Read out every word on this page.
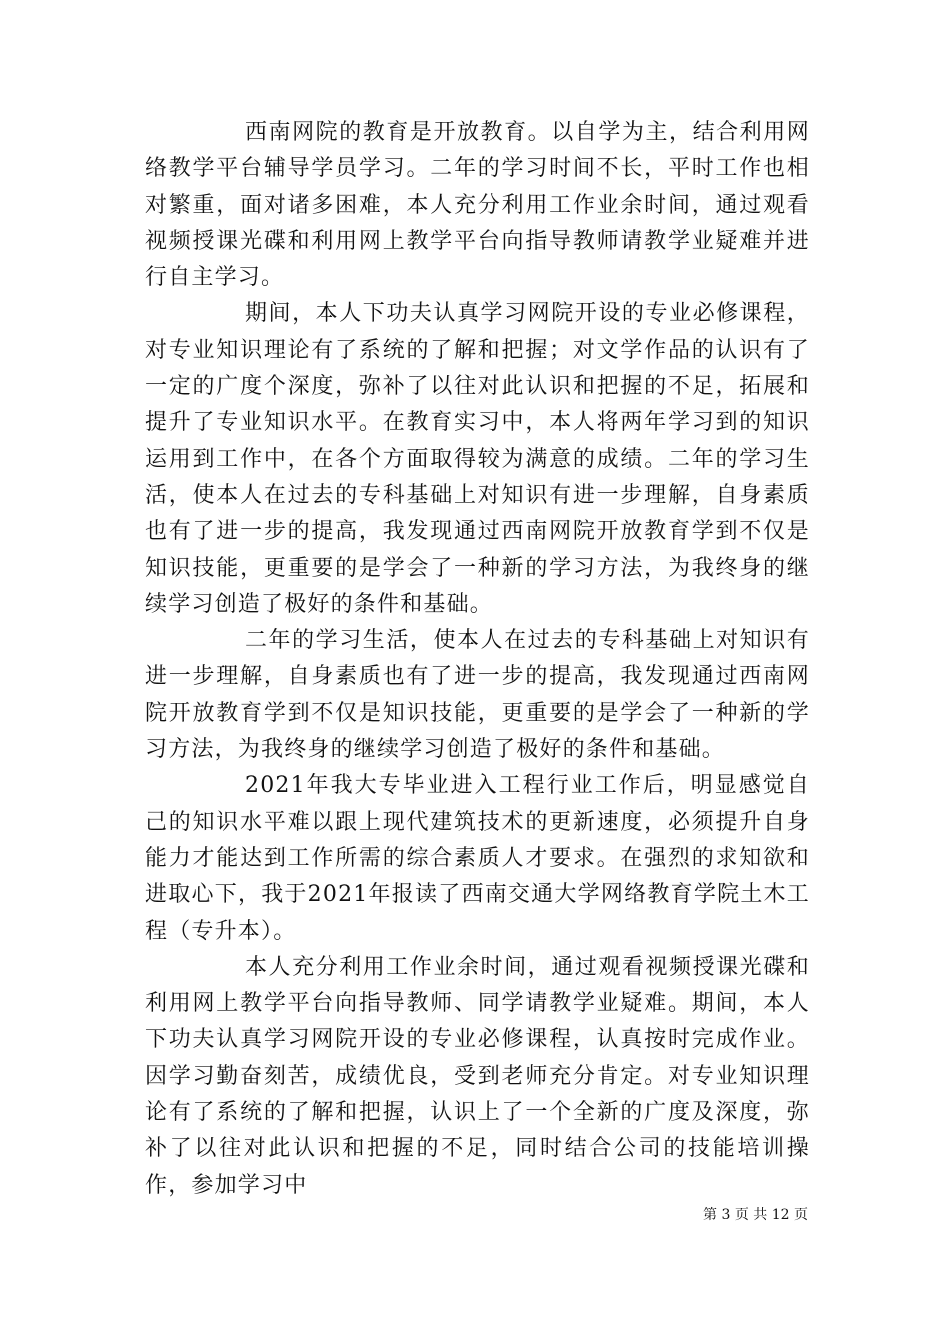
西南网院的教育是开放教育。以自学为主，结合利用网络教学平台辅导学员学习。二年的学习时间不长，平时工作也相对繁重，面对诸多困难，本人充分利用工作业余时间，通过观看视频授课光碟和利用网上教学平台向指导教师请教学业疑难并进行自主学习。

期间，本人下功夫认真学习网院开设的专业必修课程，对专业知识理论有了系统的了解和把握；对文学作品的认识有了一定的广度个深度，弥补了以往对此认识和把握的不足，拓展和提升了专业知识水平。在教育实习中，本人将两年学习到的知识运用到工作中，在各个方面取得较为满意的成绩。二年的学习生活，使本人在过去的专科基础上对知识有进一步理解，自身素质也有了进一步的提高，我发现通过西南网院开放教育学到不仅是知识技能，更重要的是学会了一种新的学习方法，为我终身的继续学习创造了极好的条件和基础。

二年的学习生活，使本人在过去的专科基础上对知识有进一步理解，自身素质也有了进一步的提高，我发现通过西南网院开放教育学到不仅是知识技能，更重要的是学会了一种新的学习方法，为我终身的继续学习创造了极好的条件和基础。

2021年我大专毕业进入工程行业工作后，明显感觉自己的知识水平难以跟上现代建筑技术的更新速度，必须提升自身能力才能达到工作所需的综合素质人才要求。在强烈的求知欲和进取心下，我于2021年报读了西南交通大学网络教育学院土木工程（专升本）。

本人充分利用工作业余时间，通过观看视频授课光碟和利用网上教学平台向指导教师、同学请教学业疑难。期间，本人下功夫认真学习网院开设的专业必修课程，认真按时完成作业。因学习勤奋刻苦，成绩优良，受到老师充分肯定。对专业知识理论有了系统的了解和把握，认识上了一个全新的广度及深度，弥补了以往对此认识和把握的不足，同时结合公司的技能培训操作，参加学习中

第 3 页 共 12 页
